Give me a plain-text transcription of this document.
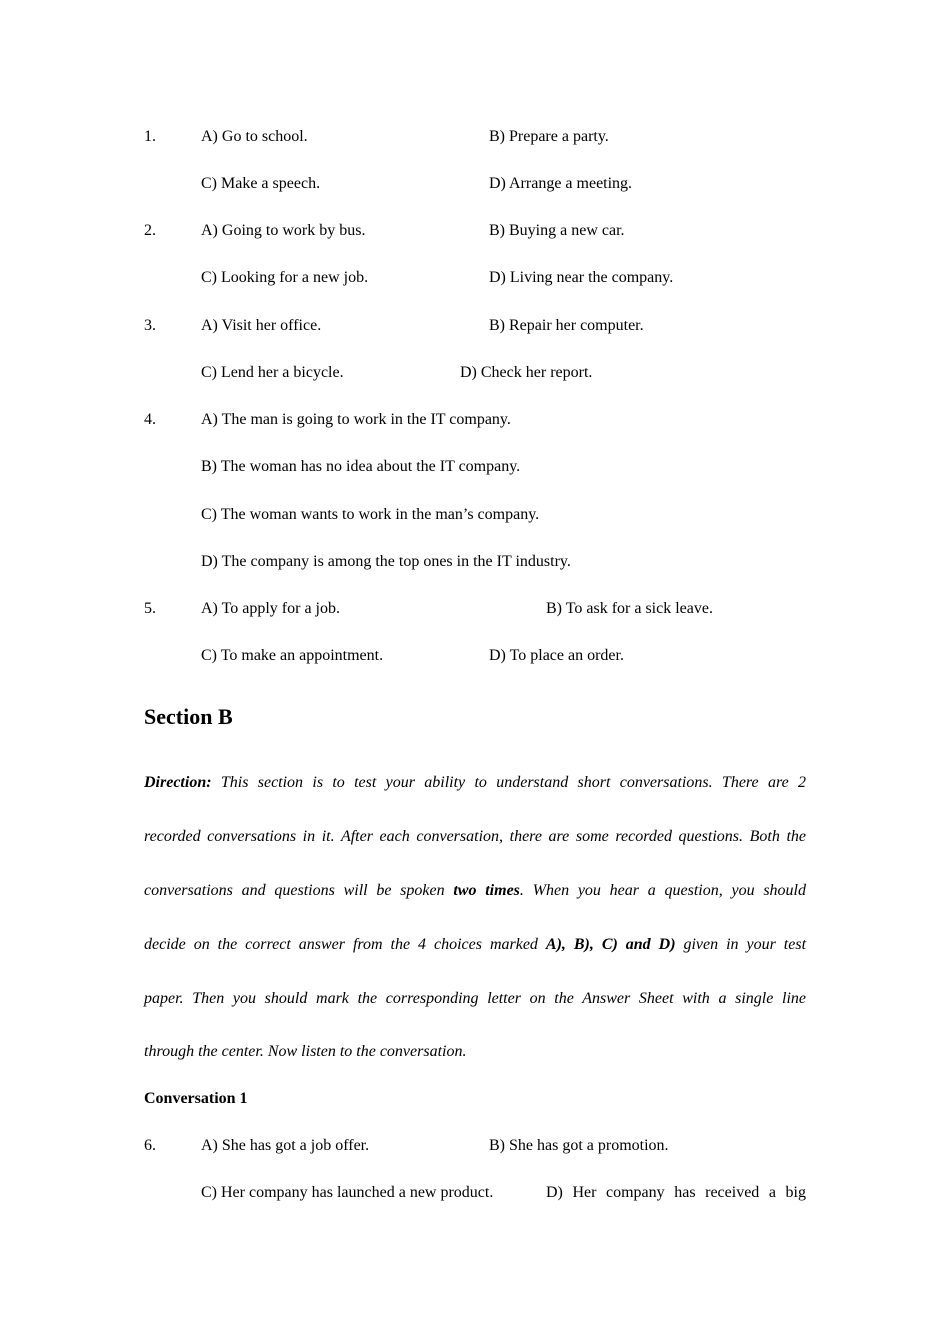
1.	A) Go to school.	B) Prepare a party.
C) Make a speech.	D) Arrange a meeting.
2.	A) Going to work by bus.	B) Buying a new car.
C) Looking for a new job.	D) Living near the company.
3.	A) Visit her office.	B) Repair her computer.
C) Lend her a bicycle.	D) Check her report.
4.	A) The man is going to work in the IT company.
B) The woman has no idea about the IT company.
C) The woman wants to work in the man’s company.
D) The company is among the top ones in the IT industry.
5.	A) To apply for a job.	B) To ask for a sick leave.
C) To make an appointment.	D) To place an order.
Section B
Direction: This section is to test your ability to understand short conversations. There are 2
recorded conversations in it. After each conversation, there are some recorded questions. Both the
conversations and questions will be spoken two times. When you hear a question, you should
decide on the correct answer from the 4 choices marked A), B), C) and D) given in your test
paper. Then you should mark the corresponding letter on the Answer Sheet with a single line
through the center. Now listen to the conversation.
Conversation 1
6.	A) She has got a job offer.	B) She has got a promotion.
C) Her company has launched a new product.	D) Her company has received a big
